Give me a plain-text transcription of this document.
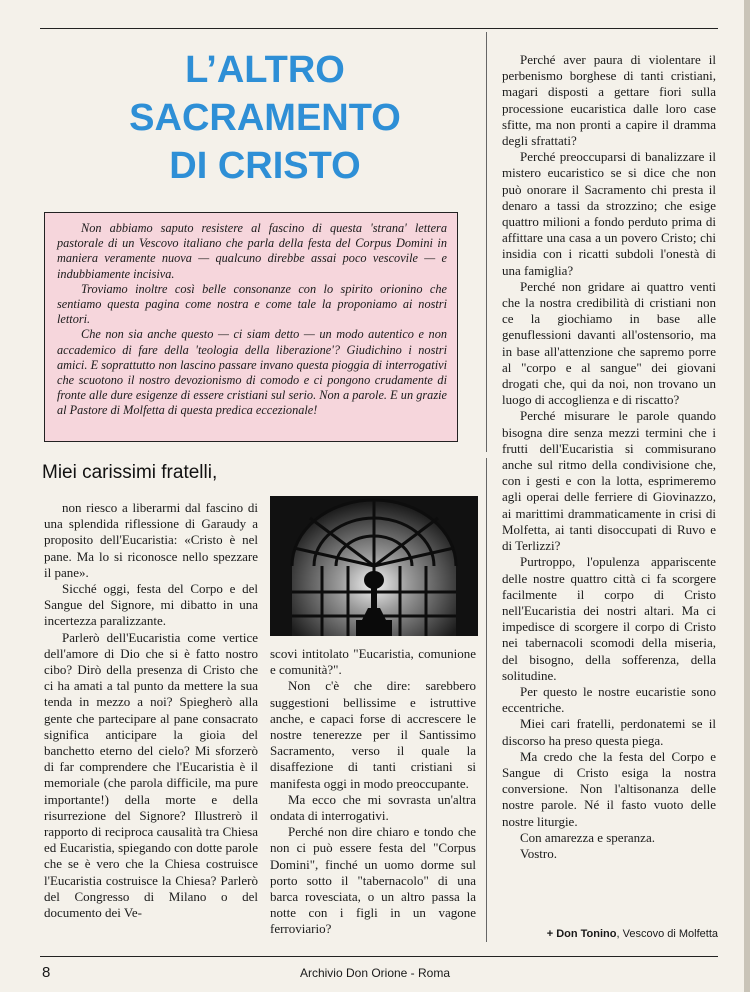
L’ALTRO
SACRAMENTO
DI CRISTO

Non abbiamo saputo resistere al fascino di questa 'strana' lettera pastorale di un Vescovo italiano che parla della festa del Corpus Domini in maniera veramente nuova — qualcuno direbbe assai poco vescovile — e indubbiamente incisiva.

Troviamo inoltre così belle consonanze con lo spirito orionino che sentiamo questa pagina come nostra e come tale la proponiamo ai nostri lettori.

Che non sia anche questo — ci siam detto — un modo autentico e non accademico di fare della 'teologia della liberazione'? Giudichino i nostri amici. E soprattutto non lascino passare invano questa pioggia di interrogativi che scuotono il nostro devozionismo di comodo e ci pongono crudamente di fronte alle dure esigenze di essere cristiani sul serio. Non a parole. E un grazie al Pastore di Molfetta di questa predica eccezionale!

Miei carissimi fratelli,

non riesco a liberarmi dal fascino di una splendida riflessione di Garaudy a proposito dell'Eucaristia: «Cristo è nel pane. Ma lo si riconosce nello spezzare il pane».

Sicché oggi, festa del Corpo e del Sangue del Signore, mi dibatto in una incertezza paralizzante.

Parlerò dell'Eucaristia come vertice dell'amore di Dio che si è fatto nostro cibo? Dirò della presenza di Cristo che ci ha amati a tal punto da mettere la sua tenda in mezzo a noi? Spiegherò alla gente che partecipare al pane consacrato significa anticipare la gioia del banchetto eterno del cielo? Mi sforzerò di far comprendere che l'Eucaristia è il memoriale (che parola difficile, ma pure importante!) della morte e della risurrezione del Signore? Illustrerò il rapporto di reciproca causalità tra Chiesa ed Eucaristia, spiegando con dotte parole che se è vero che la Chiesa costruisce l'Eucaristia costruisce la Chiesa? Parlerò del Congresso di Milano o del documento dei Ve-

scovi intitolato "Eucaristia, comunione e comunità?".

Non c'è che dire: sarebbero suggestioni bellissime e istruttive anche, e capaci forse di accrescere le nostre tenerezze per il Santissimo Sacramento, verso il quale la disaffezione di tanti cristiani si manifesta oggi in modo preoccupante.

Ma ecco che mi sovrasta un'altra ondata di interrogativi.

Perché non dire chiaro e tondo che non ci può essere festa del "Corpus Domini", finché un uomo dorme sul porto sotto il "tabernacolo" di una barca rovesciata, o un altro passa la notte con i figli in un vagone ferroviario?

Perché aver paura di violentare il perbenismo borghese di tanti cristiani, magari disposti a gettare fiori sulla processione eucaristica dalle loro case sfitte, ma non pronti a capire il dramma degli sfrattati?

Perché preoccuparsi di banalizzare il mistero eucaristico se si dice che non può onorare il Sacramento chi presta il denaro a tassi da strozzino; che esige quattro milioni a fondo perduto prima di affittare una casa a un povero Cristo; chi insidia con i ricatti subdoli l'onestà di una famiglia?

Perché non gridare ai quattro venti che la nostra credibilità di cristiani non ce la giochiamo in base alle genuflessioni davanti all'ostensorio, ma in base all'attenzione che sapremo porre al "corpo e al sangue" dei giovani drogati che, qui da noi, non trovano un luogo di accoglienza e di riscatto?

Perché misurare le parole quando bisogna dire senza mezzi termini che i frutti dell'Eucaristia si commisurano anche sul ritmo della condivisione che, con i gesti e con la lotta, esprimeremo agli operai delle ferriere di Giovinazzo, ai marittimi drammaticamente in crisi di Molfetta, ai tanti disoccupati di Ruvo e di Terlizzi?

Purtroppo, l'opulenza appariscente delle nostre quattro città ci fa scorgere facilmente il corpo di Cristo nell'Eucaristia dei nostri altari. Ma ci impedisce di scorgere il corpo di Cristo nei tabernacoli scomodi della miseria, del bisogno, della sofferenza, della solitudine.

Per questo le nostre eucaristie sono eccentriche.

Miei cari fratelli, perdonatemi se il discorso ha preso questa piega.

Ma credo che la festa del Corpo e Sangue di Cristo esiga la nostra conversione. Non l'altisonanza delle nostre parole. Né il fasto vuoto delle nostre liturgie.

Con amarezza e speranza.

Vostro.

+ Don Tonino, Vescovo di Molfetta
8	Archivio Don Orione - Roma
